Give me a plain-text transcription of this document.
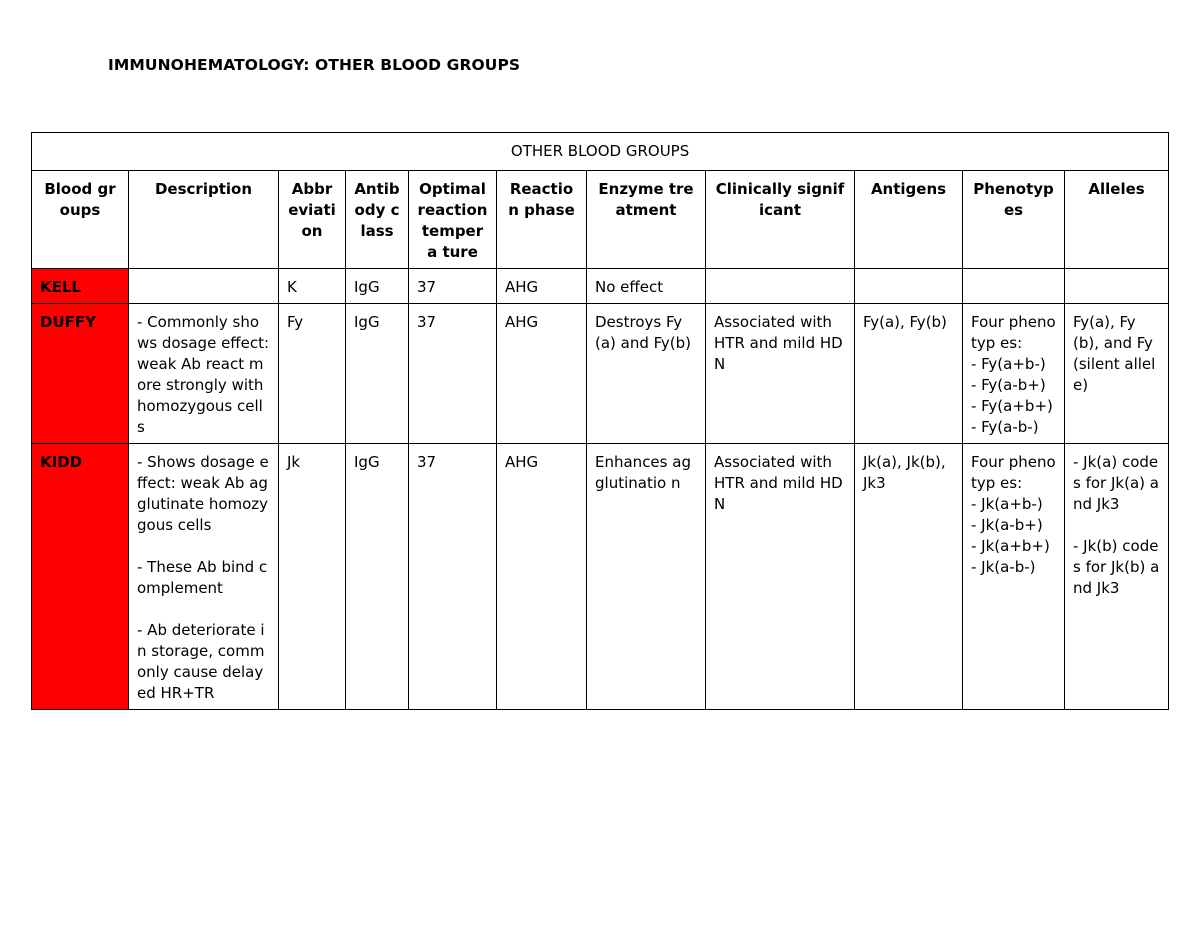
IMMUNOHEMATOLOGY: OTHER BLOOD GROUPS
OTHER BLOOD GROUPS										
Blood groups	Description	Abbr eviati on	Antib ody class	Optimal reaction tempera ture	Reaction phase	Enzyme treatment	Clinically significant	Antigens	Phenotyp es	Alleles
KELL		K	IgG	37	AHG	No effect				
DUFFY	- Commonly shows dosage effect: weak Ab react more strongly with homozygous cells	Fy	IgG	37	AHG	Destroys Fy(a) and Fy(b)	Associated with HTR and mild HDN	Fy(a), Fy(b)	Four phenotyp es:
- Fy(a+b-)
- Fy(a-b+)
- Fy(a+b+)
- Fy(a-b-)	Fy(a), Fy(b), and Fy (silent allele)

KIDD	- Shows dosage effect: weak Ab agglutinate homozygous cells
- These Ab bind complement
- Ab deteriorate in storage, commonly cause delayed HR+TR	Jk	IgG	37	AHG	Enhances agglutinatio n	Associated with HTR and mild HDN	Jk(a), Jk(b), Jk3	Four phenotyp es:
- Jk(a+b-)
- Jk(a-b+)
- Jk(a+b+)
- Jk(a-b-)	- Jk(a) codes for Jk(a) and Jk3
- Jk(b) codes for Jk(b) and Jk3
